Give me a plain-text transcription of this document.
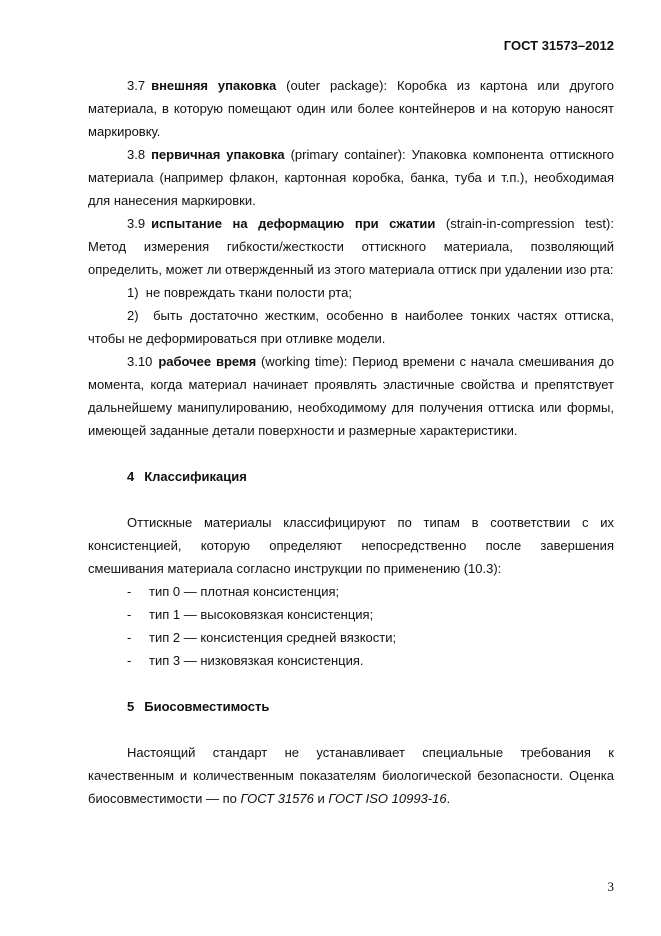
ГОСТ 31573–2012

3.7 внешняя упаковка (outer package): Коробка из картона или другого материала, в которую помещают один или более контейнеров и на которую наносят маркировку.

3.8 первичная упаковка (primary container): Упаковка компонента оттискного материала (например флакон, картонная коробка, банка, туба и т.п.), необходимая для нанесения маркировки.

3.9 испытание на деформацию при сжатии (strain-in-compression test): Метод измерения гибкости/жесткости оттискного материала, позволяющий определить, может ли отвержденный из этого материала оттиск при удалении изо рта:

1) не повреждать ткани полости рта;

2) быть достаточно жестким, особенно в наиболее тонких частях оттиска, чтобы не деформироваться при отливке модели.

3.10 рабочее время (working time): Период времени с начала смешивания до момента, когда материал начинает проявлять эластичные свойства и препятствует дальнейшему манипулированию, необходимому для получения оттиска или формы, имеющей заданные детали поверхности и размерные характеристики.

4 Классификация

Оттискные материалы классифицируют по типам в соответствии с их консистенцией, которую определяют непосредственно после завершения смешивания материала согласно инструкции по применению (10.3):

- тип 0 — плотная консистенция;
- тип 1 — высоковязкая консистенция;
- тип 2 — консистенция средней вязкости;
- тип 3 — низковязкая консистенция.

5 Биосовместимость

Настоящий стандарт не устанавливает специальные требования к качественным и количественным показателям биологической безопасности. Оценка биосовместимости — по ГОСТ 31576 и ГОСТ ISO 10993-16.

3
